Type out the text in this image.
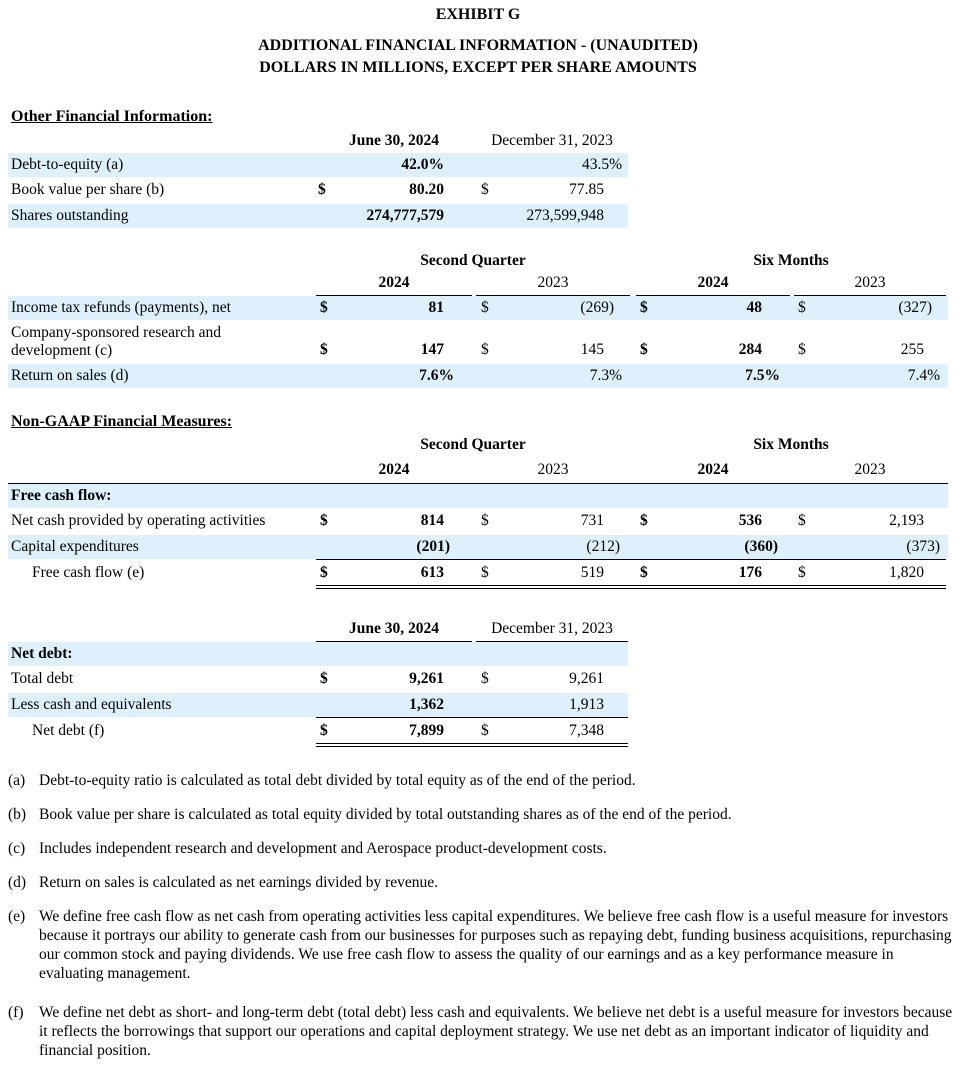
EXHIBIT G
ADDITIONAL FINANCIAL INFORMATION - (UNAUDITED)
DOLLARS IN MILLIONS, EXCEPT PER SHARE AMOUNTS
Other Financial Information:
June 30, 2024	December 31, 2023
Debt-to-equity (a)	42.0%	43.5%
Book value per share (b)	$	80.20 $	77.85
Shares outstanding	274,777,579	273,599,948
Second Quarter	Six Months
2024	2023	2024	2023
Income tax refunds (payments), net	$	81 $	(269) $	48 $	(327)
Company-sponsored research and
development (c)	$	147 $	145 $	284 $	255
Return on sales (d)	7.6%	7.3%	7.5%	7.4%
Non-GAAP Financial Measures:
Second Quarter	Six Months
2024	2023	2024	2023
Free cash flow:
Net cash provided by operating activities	$	814 $	731 $	536 $	2,193
Capital expenditures	(201)	(212)	(360)	(373)
Free cash flow (e)	$	613 $	519 $	176 $	1,820
June 30, 2024	December 31, 2023
Net debt:
Total debt	$	9,261 $	9,261
Less cash and equivalents	1,362	1,913
Net debt (f)	$	7,899 $	7,348
(a) Debt-to-equity ratio is calculated as total debt divided by total equity as of the end of the period.
(b) Book value per share is calculated as total equity divided by total outstanding shares as of the end of the period.
(c) Includes independent research and development and Aerospace product-development costs.
(d) Return on sales is calculated as net earnings divided by revenue.
(e) We define free cash flow as net cash from operating activities less capital expenditures. We believe free cash flow is a useful measure for investors because it portrays our ability to generate cash from our businesses for purposes such as repaying debt, funding business acquisitions, repurchasing our common stock and paying dividends. We use free cash flow to assess the quality of our earnings and as a key performance measure in evaluating management.
(f) We define net debt as short- and long-term debt (total debt) less cash and equivalents. We believe net debt is a useful measure for investors because it reflects the borrowings that support our operations and capital deployment strategy. We use net debt as an important indicator of liquidity and financial position.
